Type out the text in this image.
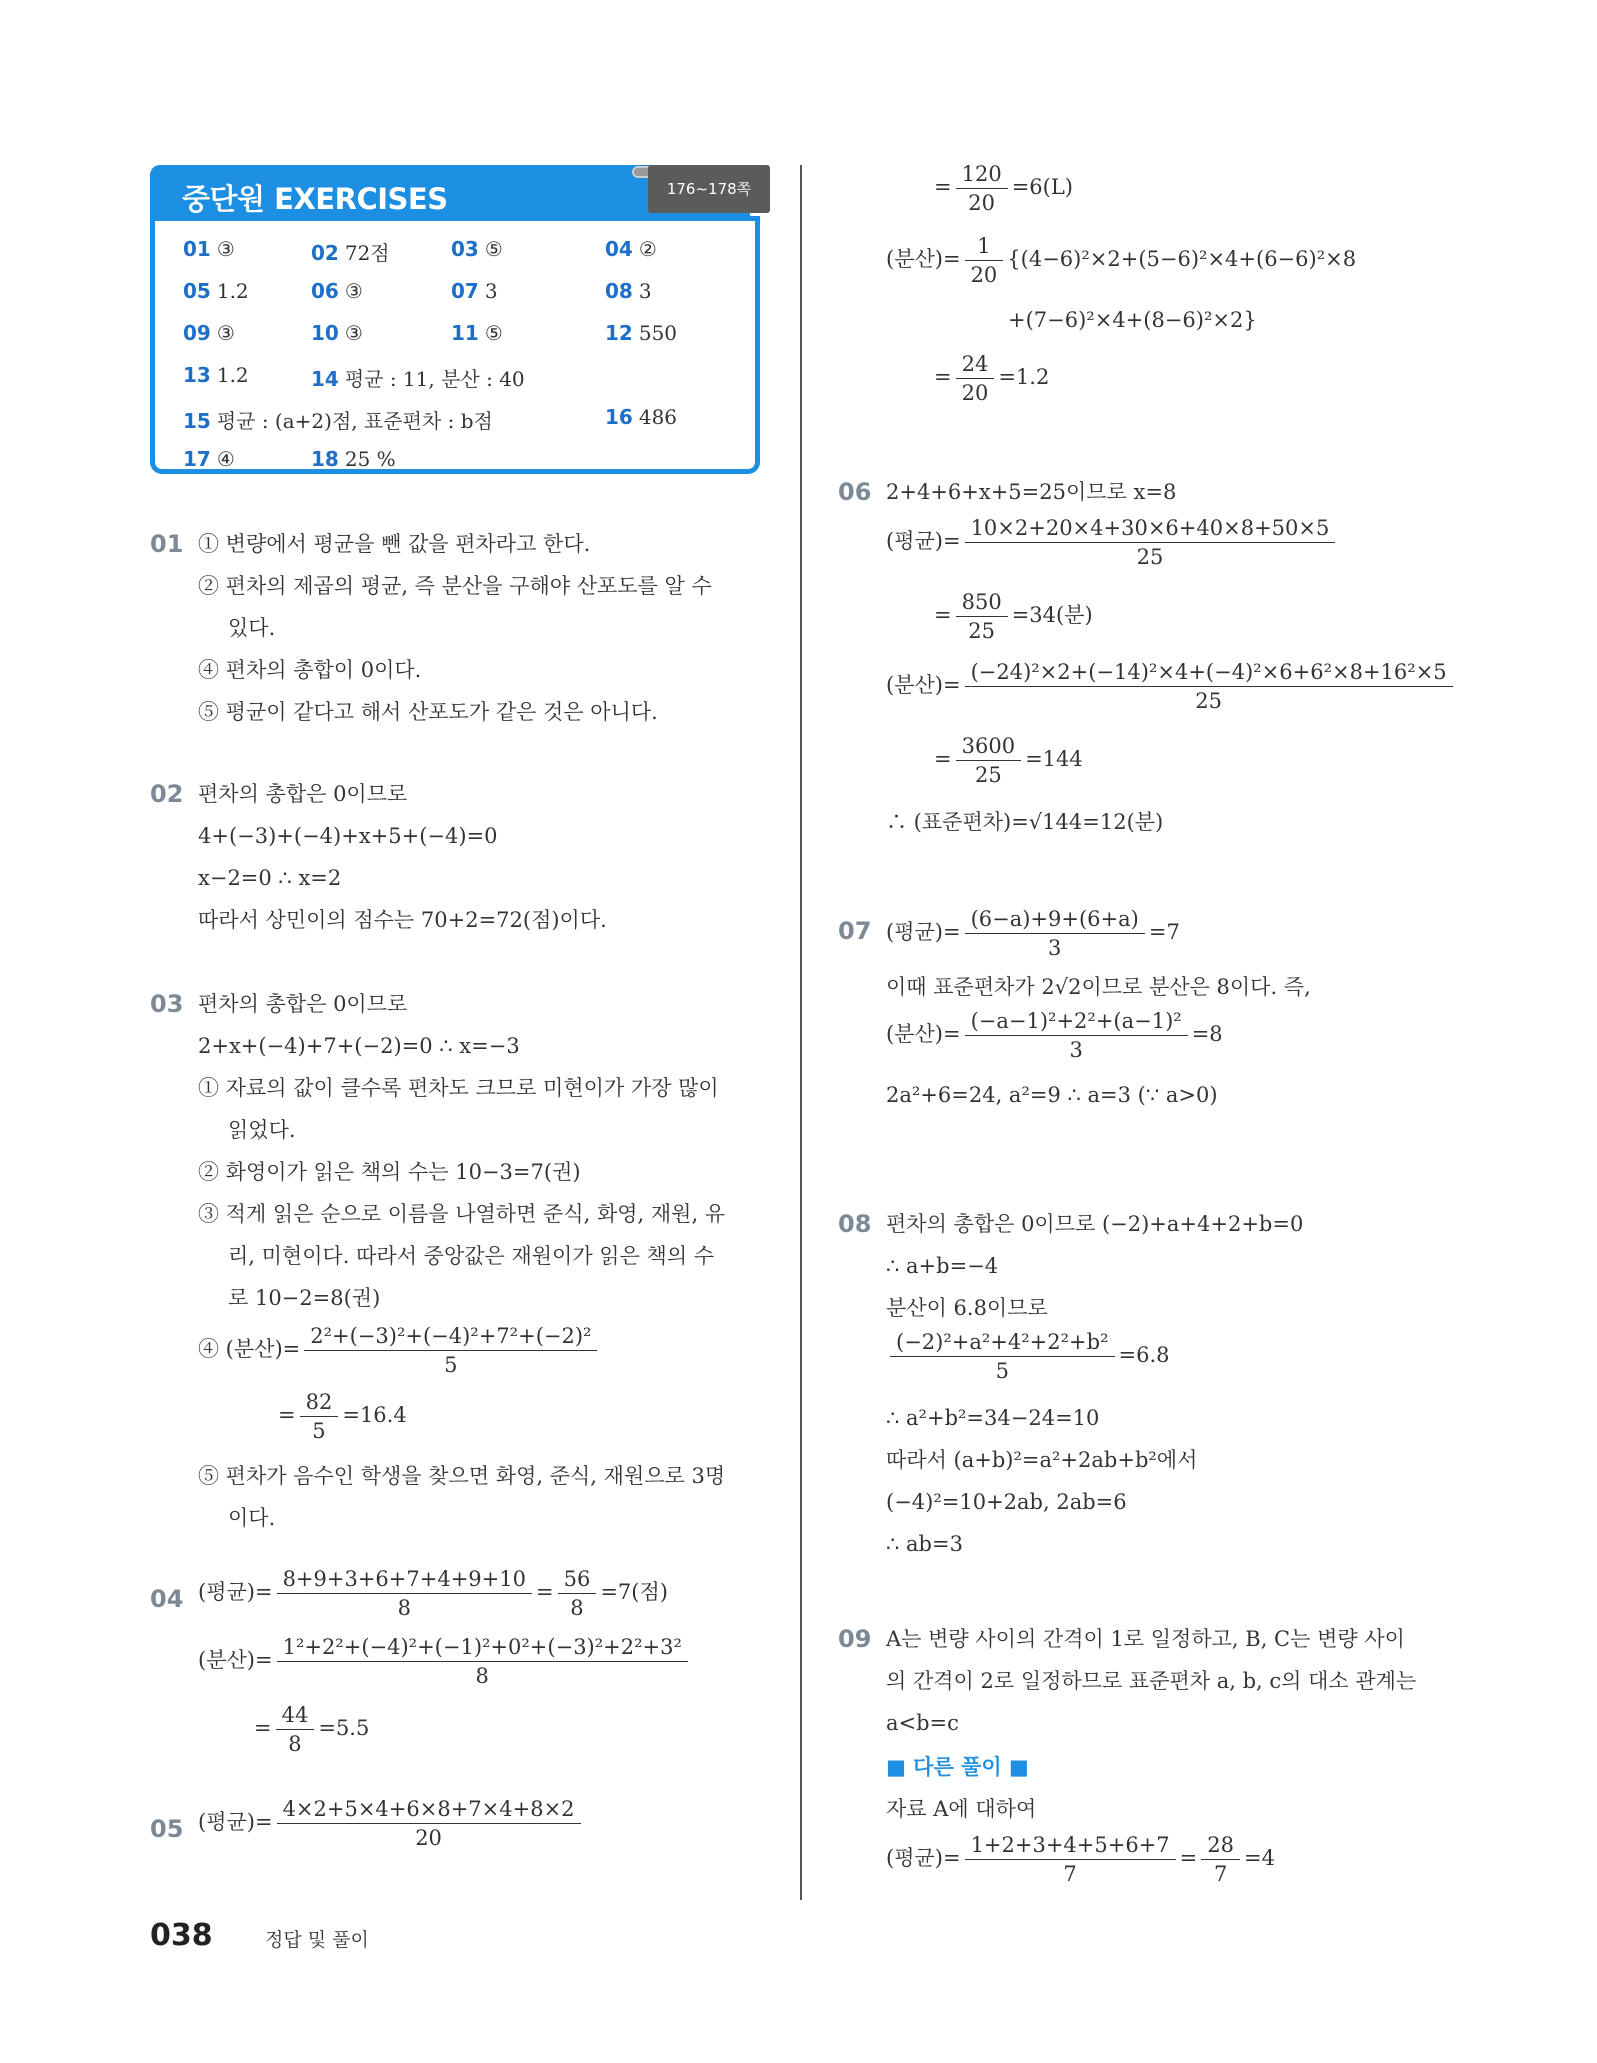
중단원 EXERCISES	176~178쪽
01 ③	02 72점	03 ⑤	04 ②
05 1.2	06 ③	07 3	08 3
09 ③	10 ③	11 ⑤	12 550
13 1.2	14 평균 : 11, 분산 : 40
15 평균 : (a+2)점, 표준편차 : b점	16 486
17 ④	18 25 %
01 ① 변량에서 평균을 뺀 값을 편차라고 한다.
② 편차의 제곱의 평균, 즉 분산을 구해야 산포도를 알 수
있다.
④ 편차의 총합이 0이다.
⑤ 평균이 같다고 해서 산포도가 같은 것은 아니다.
02 편차의 총합은 0이므로
4+(−3)+(−4)+x+5+(−4)=0
x−2=0 ∴ x=2
따라서 상민이의 점수는 70+2=72(점)이다.
03 편차의 총합은 0이므로
2+x+(−4)+7+(−2)=0 ∴ x=−3
① 자료의 값이 클수록 편차도 크므로 미현이가 가장 많이
읽었다.
② 화영이가 읽은 책의 수는 10−3=7(권)
③ 적게 읽은 순으로 이름을 나열하면 준식, 화영, 재원, 유
리, 미현이다. 따라서 중앙값은 재원이가 읽은 책의 수
로 10−2=8(권)
④ (분산)= $\frac{\text{2²+(−3)²+(−4)²+7²+(−2)²}}{5}$
= $\frac{82}{5} =16.4$
⑤ 편차가 음수인 학생을 찾으면 화영, 준식, 재원으로 3명
이다.
04 (평균)= $\frac{8+9+3+6+7+4+9+10}{8} = \frac{56}{8} =7$(점)
(분산)= $\frac{\text{1²+2²+(−4)²+(−1)²+0²+(−3)²+2²+3²}}{8}$
= $\frac{44}{8} =5.5$
05 (평균)= $\frac{4\times 2+5\times 4+6\times 8+7\times 4+8\times 2}{20}$
= $\frac{120}{20} =6(L)$
(분산)= $\frac{1}{20} \{(4-6)^2\times 2+(5-6)^2\times 4+(6-6)^2\times 8$
+(7−6)²×4+(8−6)²×2}
= $\frac{24}{20} =1.2$
06 2+4+6+x+5=25이므로 x=8
(평균)= $\frac{10\times 2+20\times 4+30\times 6+40\times 8+50\times 5}{25}$
= $\frac{850}{25} =34$(분)
(분산)= $\frac{\text{(−24)²×2+(−14)²×4+(−4)²×6+6²×8+16²×5}}{25}$
= $\frac{3600}{25} =144$
∴ (표준편차)=√144=12(분)
07 (평균)= $\frac{(6-a)+9+(6+a)}{3} =7$
이때 표준편차가 2√2이므로 분산은 8이다. 즉,
(분산)= $\frac{\text{(−a−1)²+2²+(a−1)²}}{3} =8$
2a²+6=24, a²=9 ∴ a=3 (∵ a>0)
08 편차의 총합은 0이므로 (−2)+a+4+2+b=0
∴ a+b=−4
분산이 6.8이므로
$\frac{\text{(−2)²+a²+4²+2²+b²}}{5} =6.8$
∴ a²+b²=34−24=10
따라서 (a+b)²=a²+2ab+b²에서
(−4)²=10+2ab, 2ab=6
∴ ab=3
09 A는 변량 사이의 간격이 1로 일정하고, B, C는 변량 사이
의 간격이 2로 일정하므로 표준편차 a, b, c의 대소 관계는
a<b=c
■ 다른 풀이 ■
자료 A에 대하여
(평균)= $\frac{1+2+3+4+5+6+7}{7} = \frac{28}{7} =4$
038	정답 및 풀이
